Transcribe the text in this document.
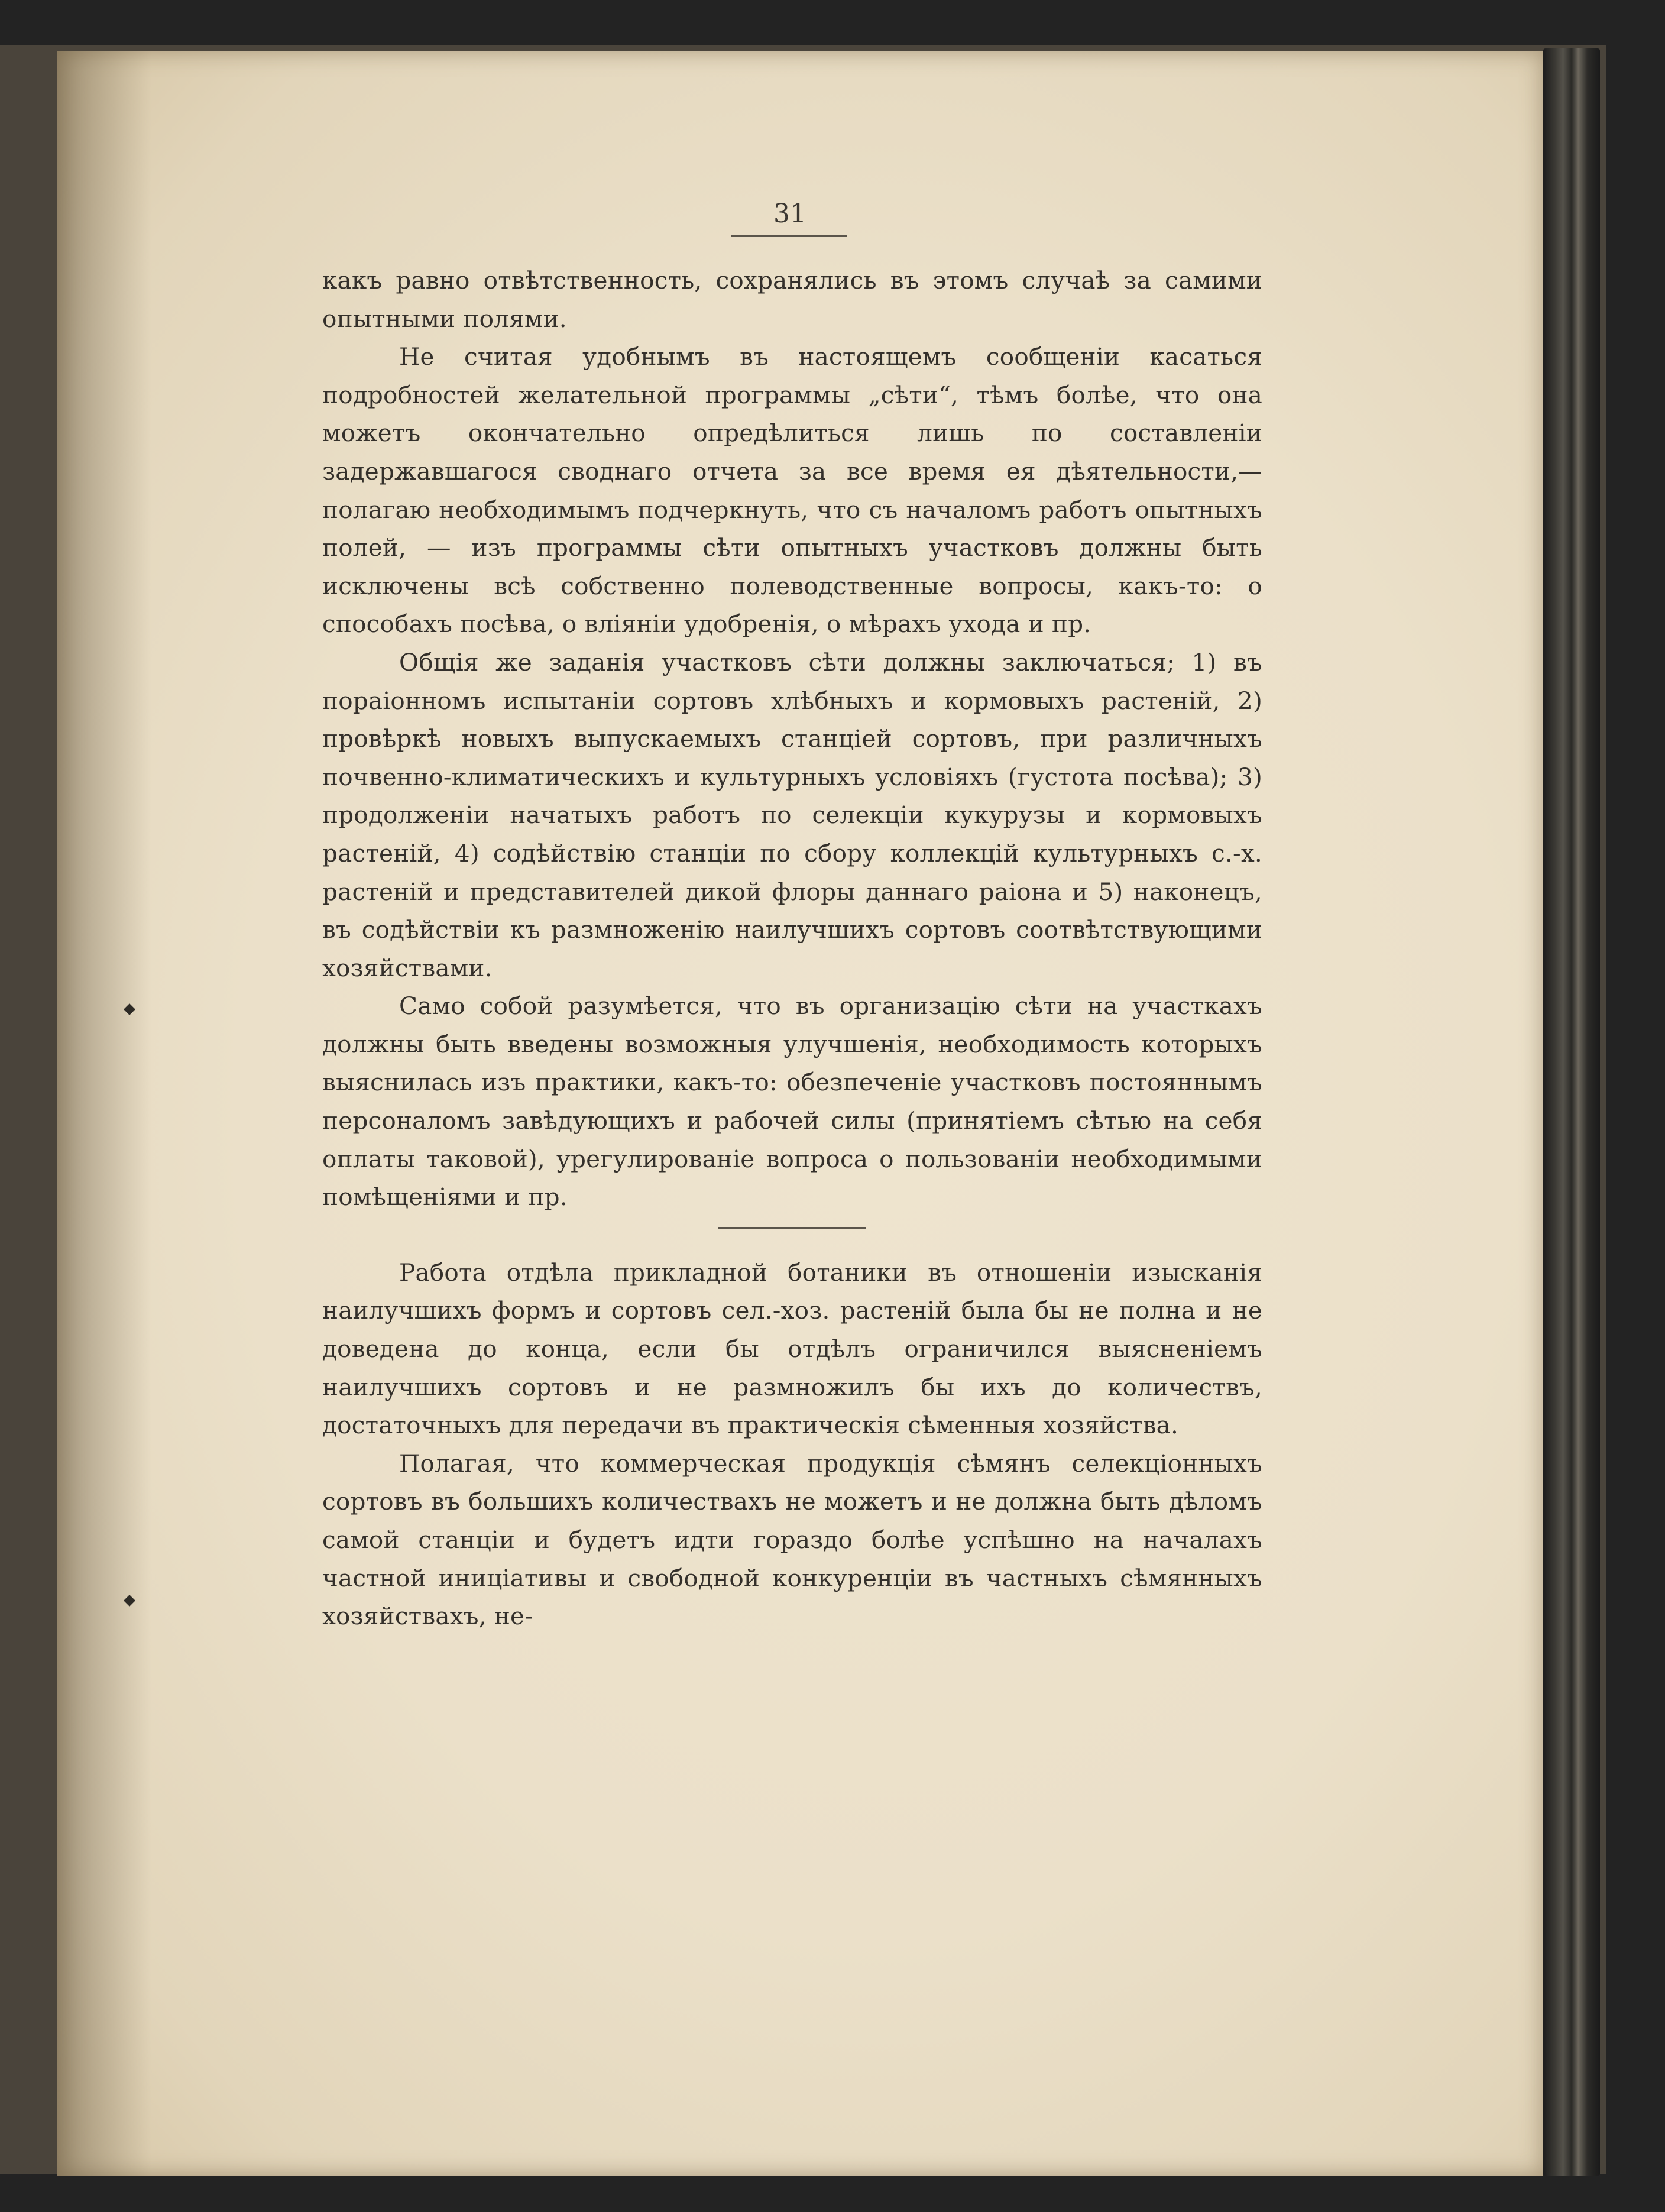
31

какъ равно отвѣтственность, сохранялись въ этомъ случаѣ за самими опытными полями.

Не считая удобнымъ въ настоящемъ сообщеніи касаться подробностей желательной программы „сѣти“, тѣмъ болѣе, что она можетъ окончательно опредѣлиться лишь по составленіи задержавшагося своднаго отчета за все время ея дѣятельности,— полагаю необходимымъ подчеркнуть, что съ началомъ работъ опытныхъ полей, — изъ программы сѣти опытныхъ участковъ должны быть исключены всѣ собственно полеводственные вопросы, какъ-то: о способахъ посѣва, о вліяніи удобренія, о мѣрахъ ухода и пр.

Общія же заданія участковъ сѣти должны заключаться; 1) въ пораіонномъ испытаніи сортовъ хлѣбныхъ и кормовыхъ растеній, 2) провѣркѣ новыхъ выпускаемыхъ станціей сортовъ, при различныхъ почвенно-климатическихъ и культурныхъ условіяхъ (густота посѣва); 3) продолженіи начатыхъ работъ по селекціи кукурузы и кормовыхъ растеній, 4) содѣйствію станціи по сбору коллекцій культурныхъ с.-х. растеній и представителей дикой флоры даннаго раіона и 5) наконецъ, въ содѣйствіи къ размноженію наилучшихъ сортовъ соотвѣтствующими хозяйствами.

Само собой разумѣется, что въ организацію сѣти на участкахъ должны быть введены возможныя улучшенія, необходимость которыхъ выяснилась изъ практики, какъ-то: обезпеченіе участковъ постояннымъ персоналомъ завѣдующихъ и рабочей силы (принятіемъ сѣтью на себя оплаты таковой), урегулированіе вопроса о пользованіи необходимыми помѣщеніями и пр.

Работа отдѣла прикладной ботаники въ отношеніи изысканія наилучшихъ формъ и сортовъ сел.-хоз. растеній была бы не полна и не доведена до конца, если бы отдѣлъ ограничился выясненіемъ наилучшихъ сортовъ и не размножилъ бы ихъ до количествъ, достаточныхъ для передачи въ практическія сѣменныя хозяйства.

Полагая, что коммерческая продукція сѣмянъ селекціонныхъ сортовъ въ большихъ количествахъ не можетъ и не должна быть дѣломъ самой станціи и будетъ идти гораздо болѣе успѣшно на началахъ частной иниціативы и свободной конкуренціи въ частныхъ сѣмянныхъ хозяйствахъ, не-
